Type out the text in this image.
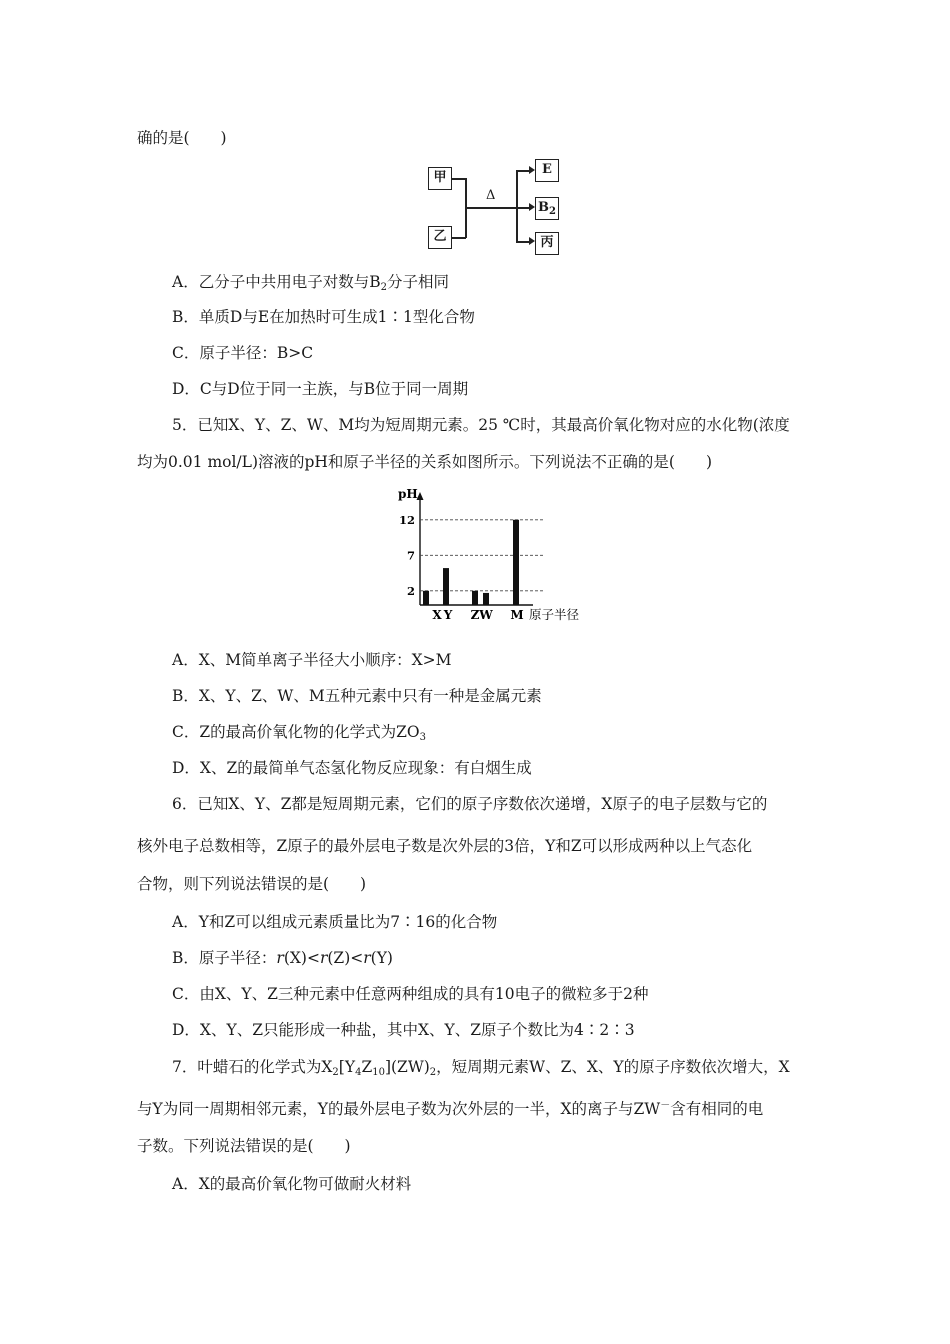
确的是(　　)
甲
乙
Δ
E
$B_2$
丙
A．乙分子中共用电子对数与$B_2$分子相同
B．单质D与E在加热时可生成1∶1型化合物
C．原子半径：B>C
D．C与D位于同一主族，与B位于同一周期
5．已知X、Y、Z、W、M均为短周期元素。25 ℃时，其最高价氧化物对应的水化物(浓度
均为0.01 mol/L)溶液的pH和原子半径的关系如图所示。下列说法不正确的是(　　)
pH
2
7
12
X Y Z W M 原子半径
A．X、M简单离子半径大小顺序：X>M
B．X、Y、Z、W、M五种元素中只有一种是金属元素
C．Z的最高价氧化物的化学式为$ZO_3$
D．X、Z的最简单气态氢化物反应现象：有白烟生成
6．已知X、Y、Z都是短周期元素，它们的原子序数依次递增，X原子的电子层数与它的
核外电子总数相等，Z原子的最外层电子数是次外层的3倍，Y和Z可以形成两种以上气态化
合物，则下列说法错误的是(　　)
A．Y和Z可以组成元素质量比为7∶16的化合物
B．原子半径：r(X)<r(Z)<r(Y)
C．由X、Y、Z三种元素中任意两种组成的具有10电子的微粒多于2种
D．X、Y、Z只能形成一种盐，其中X、Y、Z原子个数比为4∶2∶3
7．叶蜡石的化学式为$X_2[Y_4Z_{10}](ZW)_2$，短周期元素W、Z、X、Y的原子序数依次增大，X
与Y为同一周期相邻元素，Y的最外层电子数为次外层的一半，X的离子与ZW－含有相同的电
子数。下列说法错误的是(　　)
A．X的最高价氧化物可做耐火材料
